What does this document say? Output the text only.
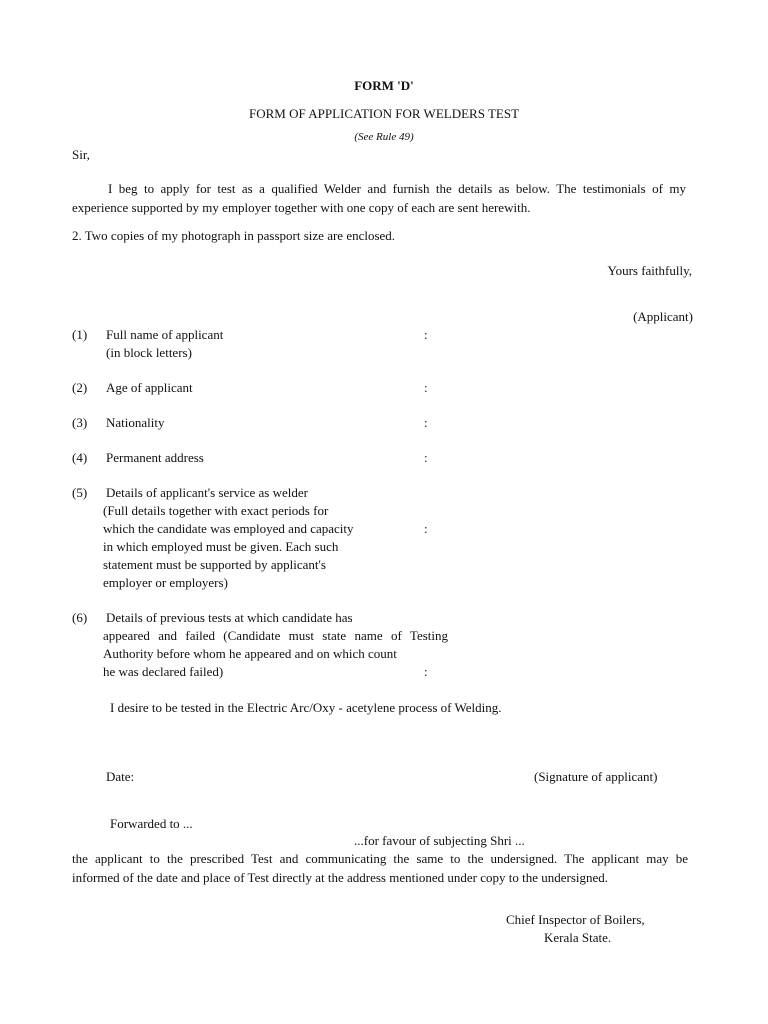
FORM 'D'
FORM OF APPLICATION FOR WELDERS TEST
(See Rule 49)
Sir,
I beg to apply for test as a qualified Welder and furnish the details as below. The testimonials of my
experience supported by my employer together with one copy of each are sent herewith.
2. Two copies of my photograph in passport size are enclosed.
Yours faithfully,
(Applicant)
(1) Full name of applicant	:
(in block letters)
(2) Age of applicant	:
(3) Nationality	:
(4) Permanent address	:
(5) Details of applicant's service as welder
(Full details together with exact periods for
which the candidate was employed and capacity	:
in which employed must be given. Each such
statement must be supported by applicant's
employer or employers)
(6) Details of previous tests at which candidate has
appeared and failed (Candidate must state name of Testing
Authority before whom he appeared and on which count
he was declared failed)	:
I desire to be tested in the Electric Arc/Oxy - acetylene process of Welding.
Date:	(Signature of applicant)
Forwarded to ...
...for favour of subjecting Shri ...
the applicant to the prescribed Test and communicating the same to the undersigned. The applicant may be
informed of the date and place of Test directly at the address mentioned under copy to the undersigned.
Chief Inspector of Boilers,
Kerala State.
